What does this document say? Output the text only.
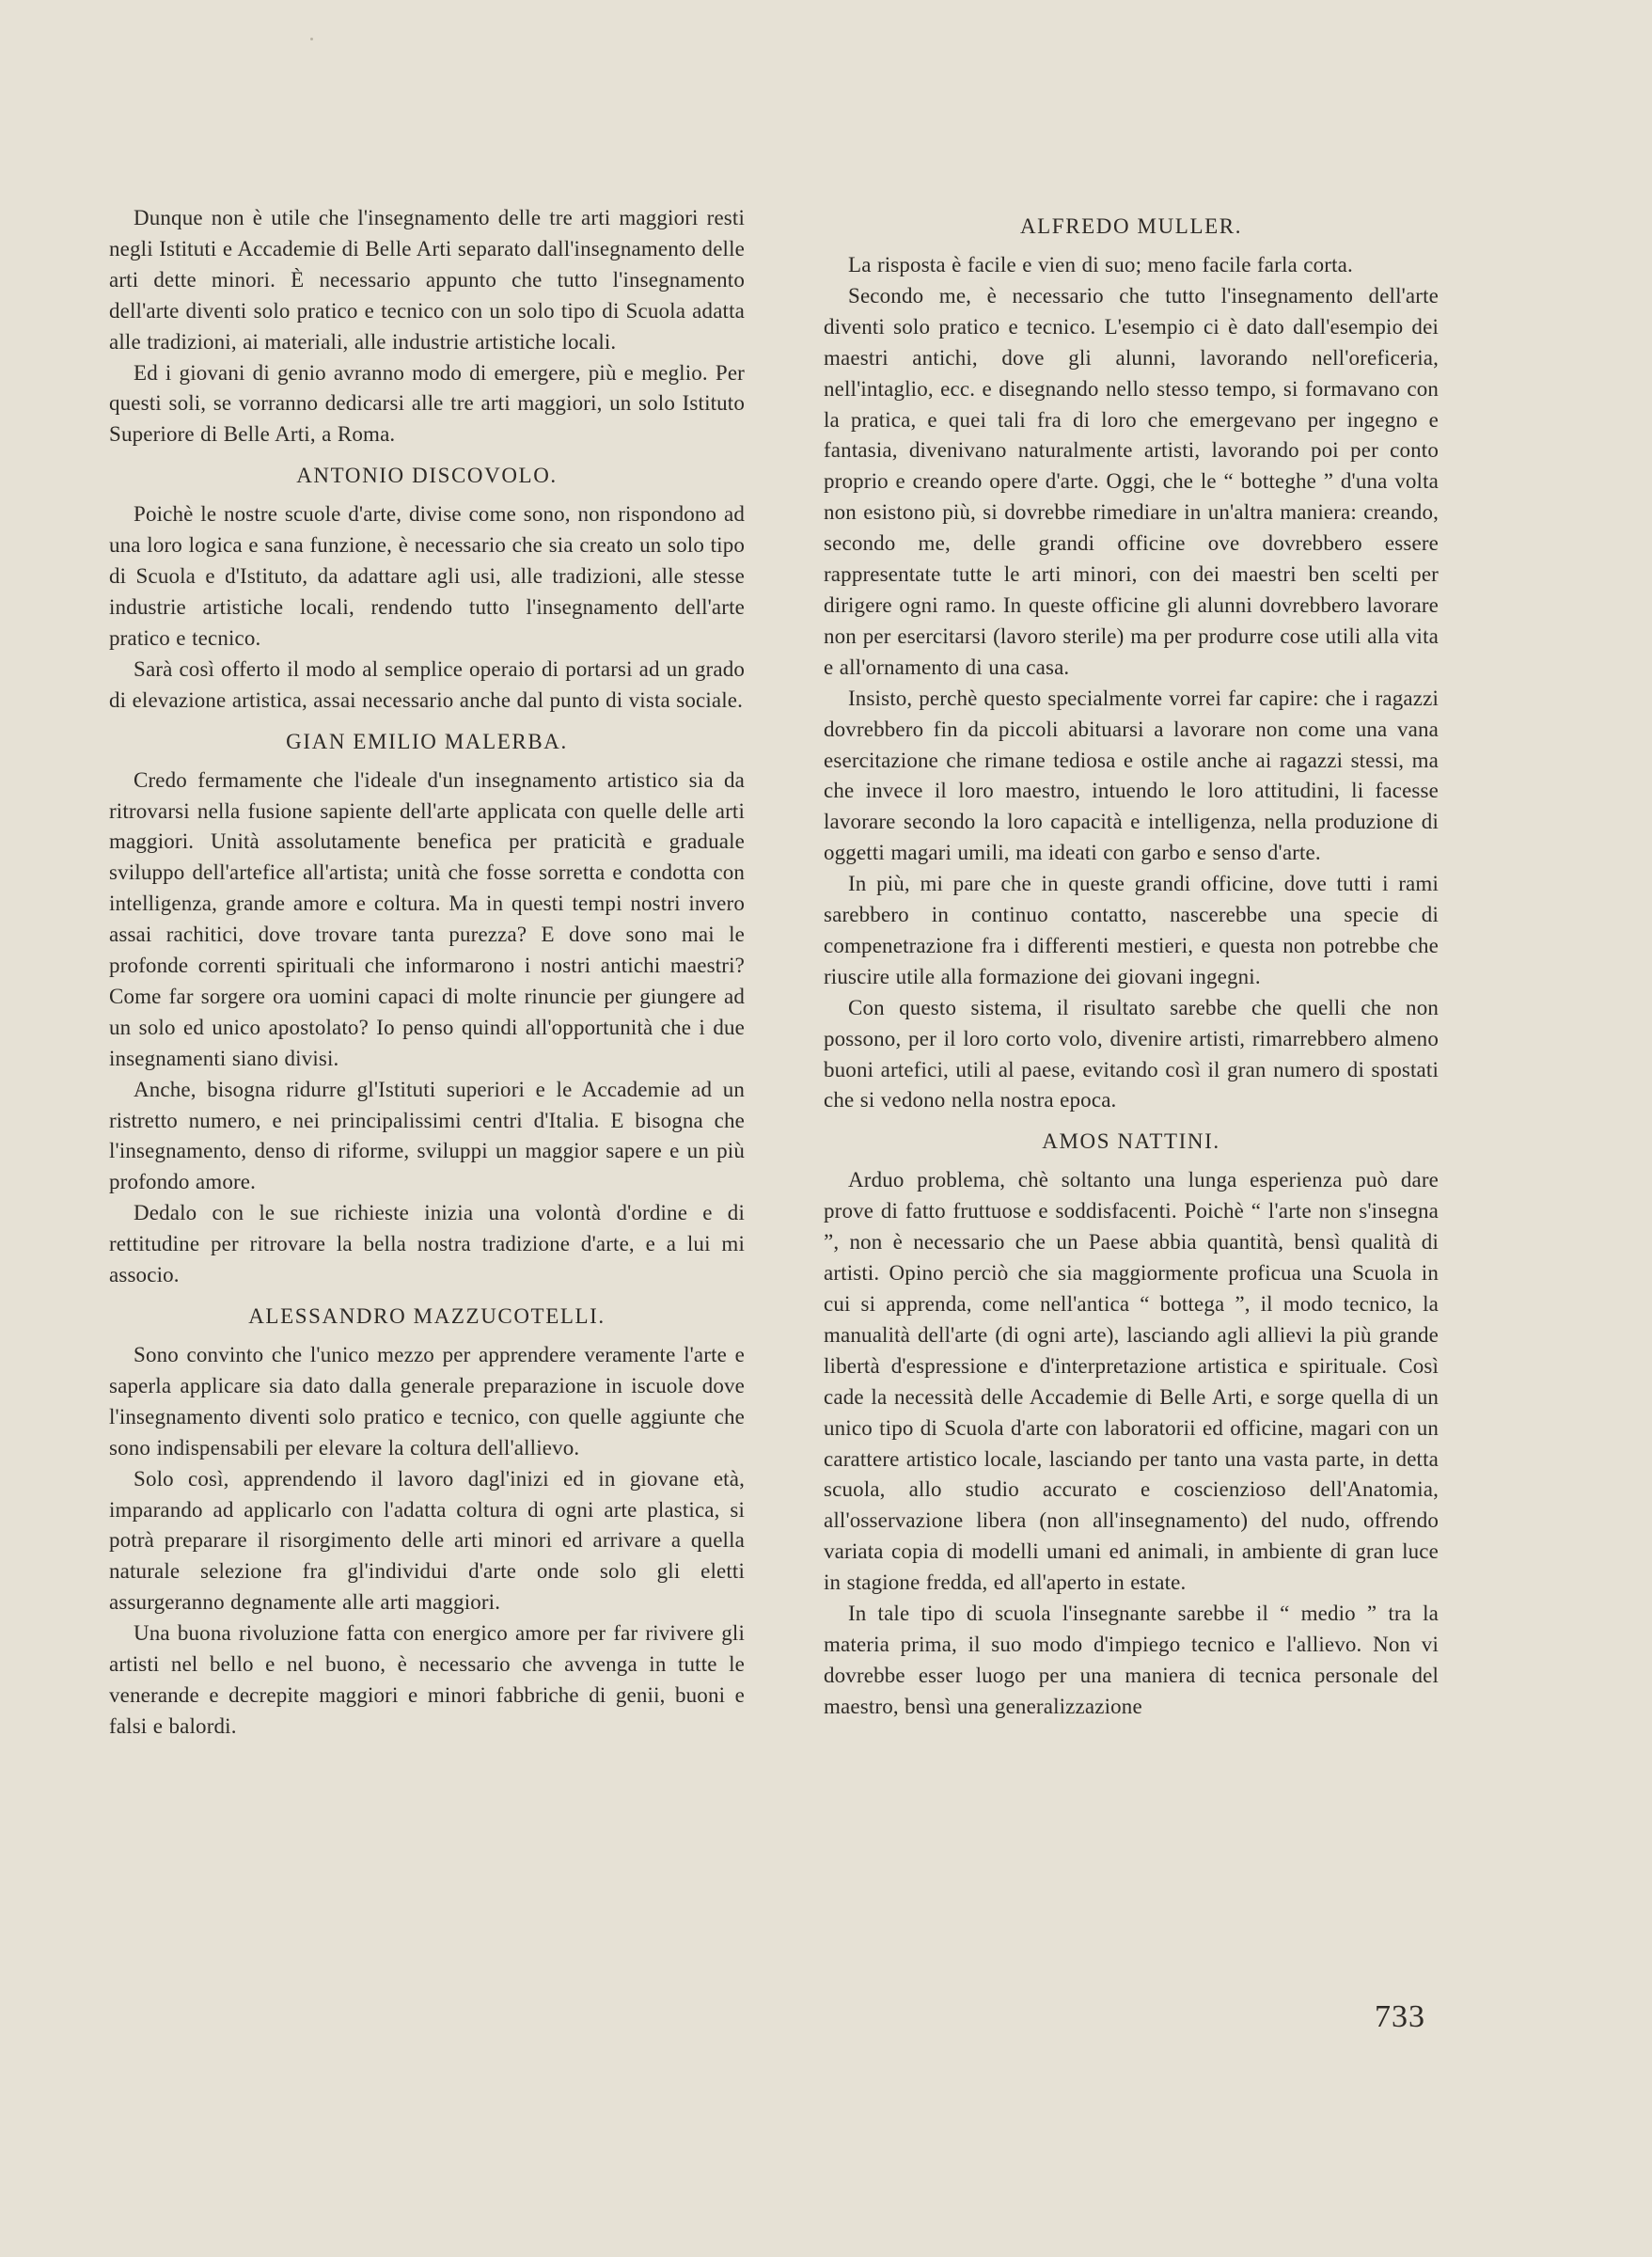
Dunque non è utile che l'insegnamento delle tre arti maggiori resti negli Istituti e Accademie di Belle Arti separato dall'insegnamento delle arti dette minori. È necessario appunto che tutto l'insegnamento dell'arte diventi solo pratico e tecnico con un solo tipo di Scuola adatta alle tradizioni, ai materiali, alle industrie artistiche locali.

Ed i giovani di genio avranno modo di emergere, più e meglio. Per questi soli, se vorranno dedicarsi alle tre arti maggiori, un solo Istituto Superiore di Belle Arti, a Roma.

ANTONIO DISCOVOLO.

Poichè le nostre scuole d'arte, divise come sono, non rispondono ad una loro logica e sana funzione, è necessario che sia creato un solo tipo di Scuola e d'Istituto, da adattare agli usi, alle tradizioni, alle stesse industrie artistiche locali, rendendo tutto l'insegnamento dell'arte pratico e tecnico.

Sarà così offerto il modo al semplice operaio di portarsi ad un grado di elevazione artistica, assai necessario anche dal punto di vista sociale.

GIAN EMILIO MALERBA.

Credo fermamente che l'ideale d'un insegnamento artistico sia da ritrovarsi nella fusione sapiente dell'arte applicata con quelle delle arti maggiori. Unità assolutamente benefica per praticità e graduale sviluppo dell'artefice all'artista; unità che fosse sorretta e condotta con intelligenza, grande amore e coltura. Ma in questi tempi nostri invero assai rachitici, dove trovare tanta purezza? E dove sono mai le profonde correnti spirituali che informarono i nostri antichi maestri? Come far sorgere ora uomini capaci di molte rinuncie per giungere ad un solo ed unico apostolato? Io penso quindi all'opportunità che i due insegnamenti siano divisi.

Anche, bisogna ridurre gl'Istituti superiori e le Accademie ad un ristretto numero, e nei principalissimi centri d'Italia. E bisogna che l'insegnamento, denso di riforme, sviluppi un maggior sapere e un più profondo amore.

Dedalo con le sue richieste inizia una volontà d'ordine e di rettitudine per ritrovare la bella nostra tradizione d'arte, e a lui mi associo.

ALESSANDRO MAZZUCOTELLI.

Sono convinto che l'unico mezzo per apprendere veramente l'arte e saperla applicare sia dato dalla generale preparazione in iscuole dove l'insegnamento diventi solo pratico e tecnico, con quelle aggiunte che sono indispensabili per elevare la coltura dell'allievo.

Solo così, apprendendo il lavoro dagl'inizi ed in giovane età, imparando ad applicarlo con l'adatta coltura di ogni arte plastica, si potrà preparare il risorgimento delle arti minori ed arrivare a quella naturale selezione fra gl'individui d'arte onde solo gli eletti assurgeranno degnamente alle arti maggiori.

Una buona rivoluzione fatta con energico amore per far rivivere gli artisti nel bello e nel buono, è necessario che avvenga in tutte le venerande e decrepite maggiori e minori fabbriche di genii, buoni e falsi e balordi.

ALFREDO MULLER.

La risposta è facile e vien di suo; meno facile farla corta.

Secondo me, è necessario che tutto l'insegnamento dell'arte diventi solo pratico e tecnico. L'esempio ci è dato dall'esempio dei maestri antichi, dove gli alunni, lavorando nell'oreficeria, nell'intaglio, ecc. e disegnando nello stesso tempo, si formavano con la pratica, e quei tali fra di loro che emergevano per ingegno e fantasia, divenivano naturalmente artisti, lavorando poi per conto proprio e creando opere d'arte. Oggi, che le “ botteghe ” d'una volta non esistono più, si dovrebbe rimediare in un'altra maniera: creando, secondo me, delle grandi officine ove dovrebbero essere rappresentate tutte le arti minori, con dei maestri ben scelti per dirigere ogni ramo. In queste officine gli alunni dovrebbero lavorare non per esercitarsi (lavoro sterile) ma per produrre cose utili alla vita e all'ornamento di una casa.

Insisto, perchè questo specialmente vorrei far capire: che i ragazzi dovrebbero fin da piccoli abituarsi a lavorare non come una vana esercitazione che rimane tediosa e ostile anche ai ragazzi stessi, ma che invece il loro maestro, intuendo le loro attitudini, li facesse lavorare secondo la loro capacità e intelligenza, nella produzione di oggetti magari umili, ma ideati con garbo e senso d'arte.

In più, mi pare che in queste grandi officine, dove tutti i rami sarebbero in continuo contatto, nascerebbe una specie di compenetrazione fra i differenti mestieri, e questa non potrebbe che riuscire utile alla formazione dei giovani ingegni.

Con questo sistema, il risultato sarebbe che quelli che non possono, per il loro corto volo, divenire artisti, rimarrebbero almeno buoni artefici, utili al paese, evitando così il gran numero di spostati che si vedono nella nostra epoca.

AMOS NATTINI.

Arduo problema, chè soltanto una lunga esperienza può dare prove di fatto fruttuose e soddisfacenti. Poichè “ l'arte non s'insegna ”, non è necessario che un Paese abbia quantità, bensì qualità di artisti. Opino perciò che sia maggiormente proficua una Scuola in cui si apprenda, come nell'antica “ bottega ”, il modo tecnico, la manualità dell'arte (di ogni arte), lasciando agli allievi la più grande libertà d'espressione e d'interpretazione artistica e spirituale. Così cade la necessità delle Accademie di Belle Arti, e sorge quella di un unico tipo di Scuola d'arte con laboratorii ed officine, magari con un carattere artistico locale, lasciando per tanto una vasta parte, in detta scuola, allo studio accurato e coscienzioso dell'Anatomia, all'osservazione libera (non all'insegnamento) del nudo, offrendo variata copia di modelli umani ed animali, in ambiente di gran luce in stagione fredda, ed all'aperto in estate.

In tale tipo di scuola l'insegnante sarebbe il “ medio ” tra la materia prima, il suo modo d'impiego tecnico e l'allievo. Non vi dovrebbe esser luogo per una maniera di tecnica personale del maestro, bensì una generalizzazione

733
